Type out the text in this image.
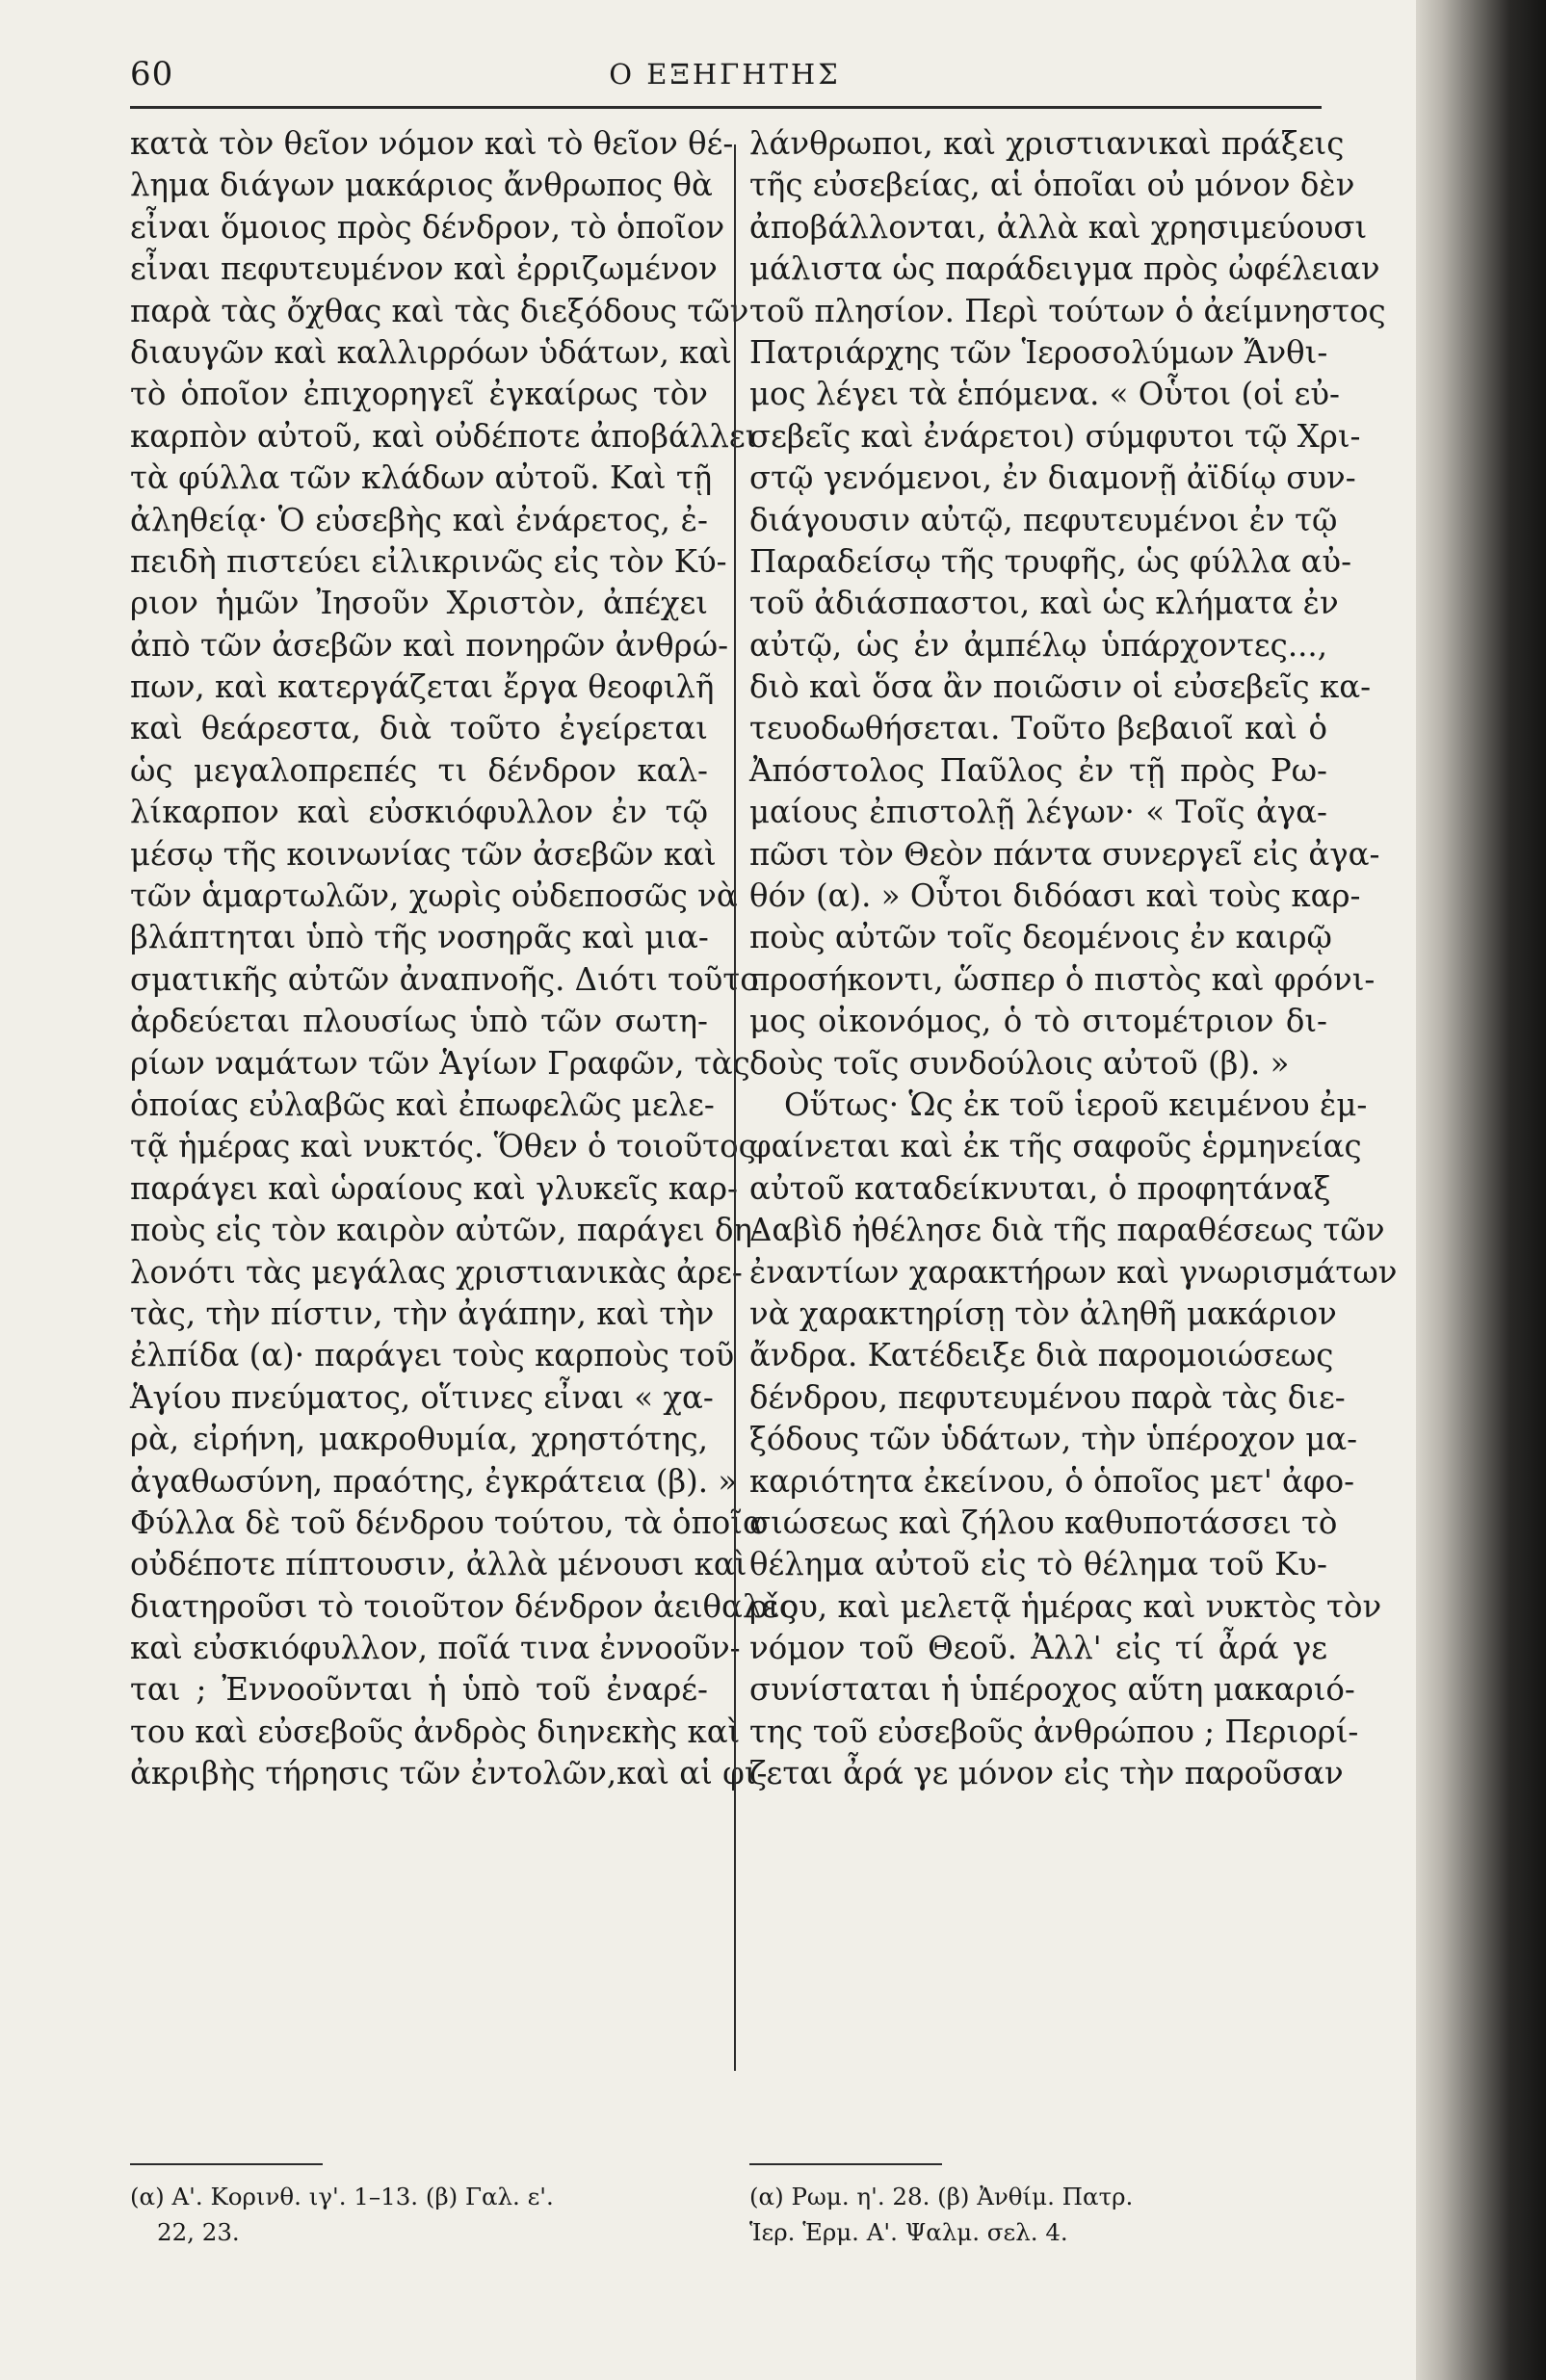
60	Ο ΕΞΗΓΗΤΗΣ
κατὰ τὸν θεῖον νόμον καὶ τὸ θεῖον θέ-
λημα διάγων μακάριος ἄνθρωπος θὰ
εἶναι ὅμοιος πρὸς δένδρον, τὸ ὁποῖον
εἶναι πεφυτευμένον καὶ ἐρριζωμένον
παρὰ τὰς ὄχθας καὶ τὰς διεξόδους τῶν
διαυγῶν καὶ καλλιρρόων ὑδάτων, καὶ
τὸ ὁποῖον ἐπιχορηγεῖ ἐγκαίρως τὸν
καρπὸν αὐτοῦ, καὶ οὐδέποτε ἀποβάλλει
τὰ φύλλα τῶν κλάδων αὐτοῦ. Καὶ τῇ
ἀληθείᾳ· Ὁ εὐσεβὴς καὶ ἐνάρετος, ἐ-
πειδὴ πιστεύει εἰλικρινῶς εἰς τὸν Κύ-
ριον ἡμῶν Ἰησοῦν Χριστὸν, ἀπέχει
ἀπὸ τῶν ἀσεβῶν καὶ πονηρῶν ἀνθρώ-
πων, καὶ κατεργάζεται ἔργα θεοφιλῆ
καὶ θεάρεστα, διὰ τοῦτο ἐγείρεται
ὡς μεγαλοπρεπές τι δένδρον καλ-
λίκαρπον καὶ εὐσκιόφυλλον ἐν τῷ
μέσῳ τῆς κοινωνίας τῶν ἀσεβῶν καὶ
τῶν ἁμαρτωλῶν, χωρὶς οὐδεποσῶς νὰ
βλάπτηται ὑπὸ τῆς νοσηρᾶς καὶ μια-
σματικῆς αὐτῶν ἀναπνοῆς. Διότι τοῦτο
ἀρδεύεται πλουσίως ὑπὸ τῶν σωτη-
ρίων ναμάτων τῶν Ἁγίων Γραφῶν, τὰς
ὁποίας εὐλαβῶς καὶ ἐπωφελῶς μελε-
τᾷ ἡμέρας καὶ νυκτός. Ὅθεν ὁ τοιοῦτος
παράγει καὶ ὡραίους καὶ γλυκεῖς καρ-
ποὺς εἰς τὸν καιρὸν αὐτῶν, παράγει δη-
λονότι τὰς μεγάλας χριστιανικὰς ἀρε-
τὰς, τὴν πίστιν, τὴν ἀγάπην, καὶ τὴν
ἐλπίδα (α)· παράγει τοὺς καρποὺς τοῦ
Ἁγίου πνεύματος, οἵτινες εἶναι « χα-
ρὰ, εἰρήνη, μακροθυμία, χρηστότης,
ἀγαθωσύνη, πραότης, ἐγκράτεια (β). »
Φύλλα δὲ τοῦ δένδρου τούτου, τὰ ὁποῖα
οὐδέποτε πίπτουσιν, ἀλλὰ μένουσι καὶ
διατηροῦσι τὸ τοιοῦτον δένδρον ἀειθαλὲς
καὶ εὐσκιόφυλλον, ποῖά τινα ἐννοοῦν-
ται ; Ἐννοοῦνται ἡ ὑπὸ τοῦ ἐναρέ-
του καὶ εὐσεβοῦς ἀνδρὸς διηνεκὴς καὶ
ἀκριβὴς τήρησις τῶν ἐντολῶν,καὶ αἱ φι-
λάνθρωποι, καὶ χριστιανικαὶ πράξεις
τῆς εὐσεβείας, αἱ ὁποῖαι οὐ μόνον δὲν
ἀποβάλλονται, ἀλλὰ καὶ χρησιμεύουσι
μάλιστα ὡς παράδειγμα πρὸς ὠφέλειαν
τοῦ πλησίον. Περὶ τούτων ὁ ἀείμνηστος
Πατριάρχης τῶν Ἱεροσολύμων Ἄνθι-
μος λέγει τὰ ἑπόμενα. « Οὗτοι (οἱ εὐ-
σεβεῖς καὶ ἐνάρετοι) σύμφυτοι τῷ Χρι-
στῷ γενόμενοι, ἐν διαμονῇ ἀϊδίῳ συν-
διάγουσιν αὐτῷ, πεφυτευμένοι ἐν τῷ
Παραδείσῳ τῆς τρυφῆς, ὡς φύλλα αὐ-
τοῦ ἀδιάσπαστοι, καὶ ὡς κλήματα ἐν
αὐτῷ, ὡς ἐν ἀμπέλῳ ὑπάρχοντες...,
διὸ καὶ ὅσα ἂν ποιῶσιν οἱ εὐσεβεῖς κα-
τευοδωθήσεται. Τοῦτο βεβαιοῖ καὶ ὁ
Ἀπόστολος Παῦλος ἐν τῇ πρὸς Ρω-
μαίους ἐπιστολῇ λέγων· « Τοῖς ἀγα-
πῶσι τὸν Θεὸν πάντα συνεργεῖ εἰς ἀγα-
θόν (α). » Οὗτοι διδόασι καὶ τοὺς καρ-
ποὺς αὐτῶν τοῖς δεομένοις ἐν καιρῷ
προσήκοντι, ὥσπερ ὁ πιστὸς καὶ φρόνι-
μος οἰκονόμος, ὁ τὸ σιτομέτριον δι-
δοὺς τοῖς συνδούλοις αὐτοῦ (β). »
Οὕτως· Ὡς ἐκ τοῦ ἱεροῦ κειμένου ἐμ-
φαίνεται καὶ ἐκ τῆς σαφοῦς ἑρμηνείας
αὐτοῦ καταδείκνυται, ὁ προφητάναξ
Δαβὶδ ἠθέλησε διὰ τῆς παραθέσεως τῶν
ἐναντίων χαρακτήρων καὶ γνωρισμάτων
νὰ χαρακτηρίσῃ τὸν ἀληθῆ μακάριον
ἄνδρα. Κατέδειξε διὰ παρομοιώσεως
δένδρου, πεφυτευμένου παρὰ τὰς διε-
ξόδους τῶν ὑδάτων, τὴν ὑπέροχον μα-
καριότητα ἐκείνου, ὁ ὁποῖος μετ' ἀφο-
σιώσεως καὶ ζήλου καθυποτάσσει τὸ
θέλημα αὐτοῦ εἰς τὸ θέλημα τοῦ Κυ-
ρίου, καὶ μελετᾷ ἡμέρας καὶ νυκτὸς τὸν
νόμον τοῦ Θεοῦ. Ἀλλ' εἰς τί ἆρά γε
συνίσταται ἡ ὑπέροχος αὕτη μακαριό-
της τοῦ εὐσεβοῦς ἀνθρώπου ; Περιορί-
ζεται ἆρά γε μόνον εἰς τὴν παροῦσαν
(α) Α'. Κορινθ. ιγ'. 1–13. (β) Γαλ. ε'.
22, 23.
(α) Ρωμ. η'. 28. (β) Ἀνθίμ. Πατρ.
Ἱερ. Ἑρμ. Α'. Ψαλμ. σελ. 4.
